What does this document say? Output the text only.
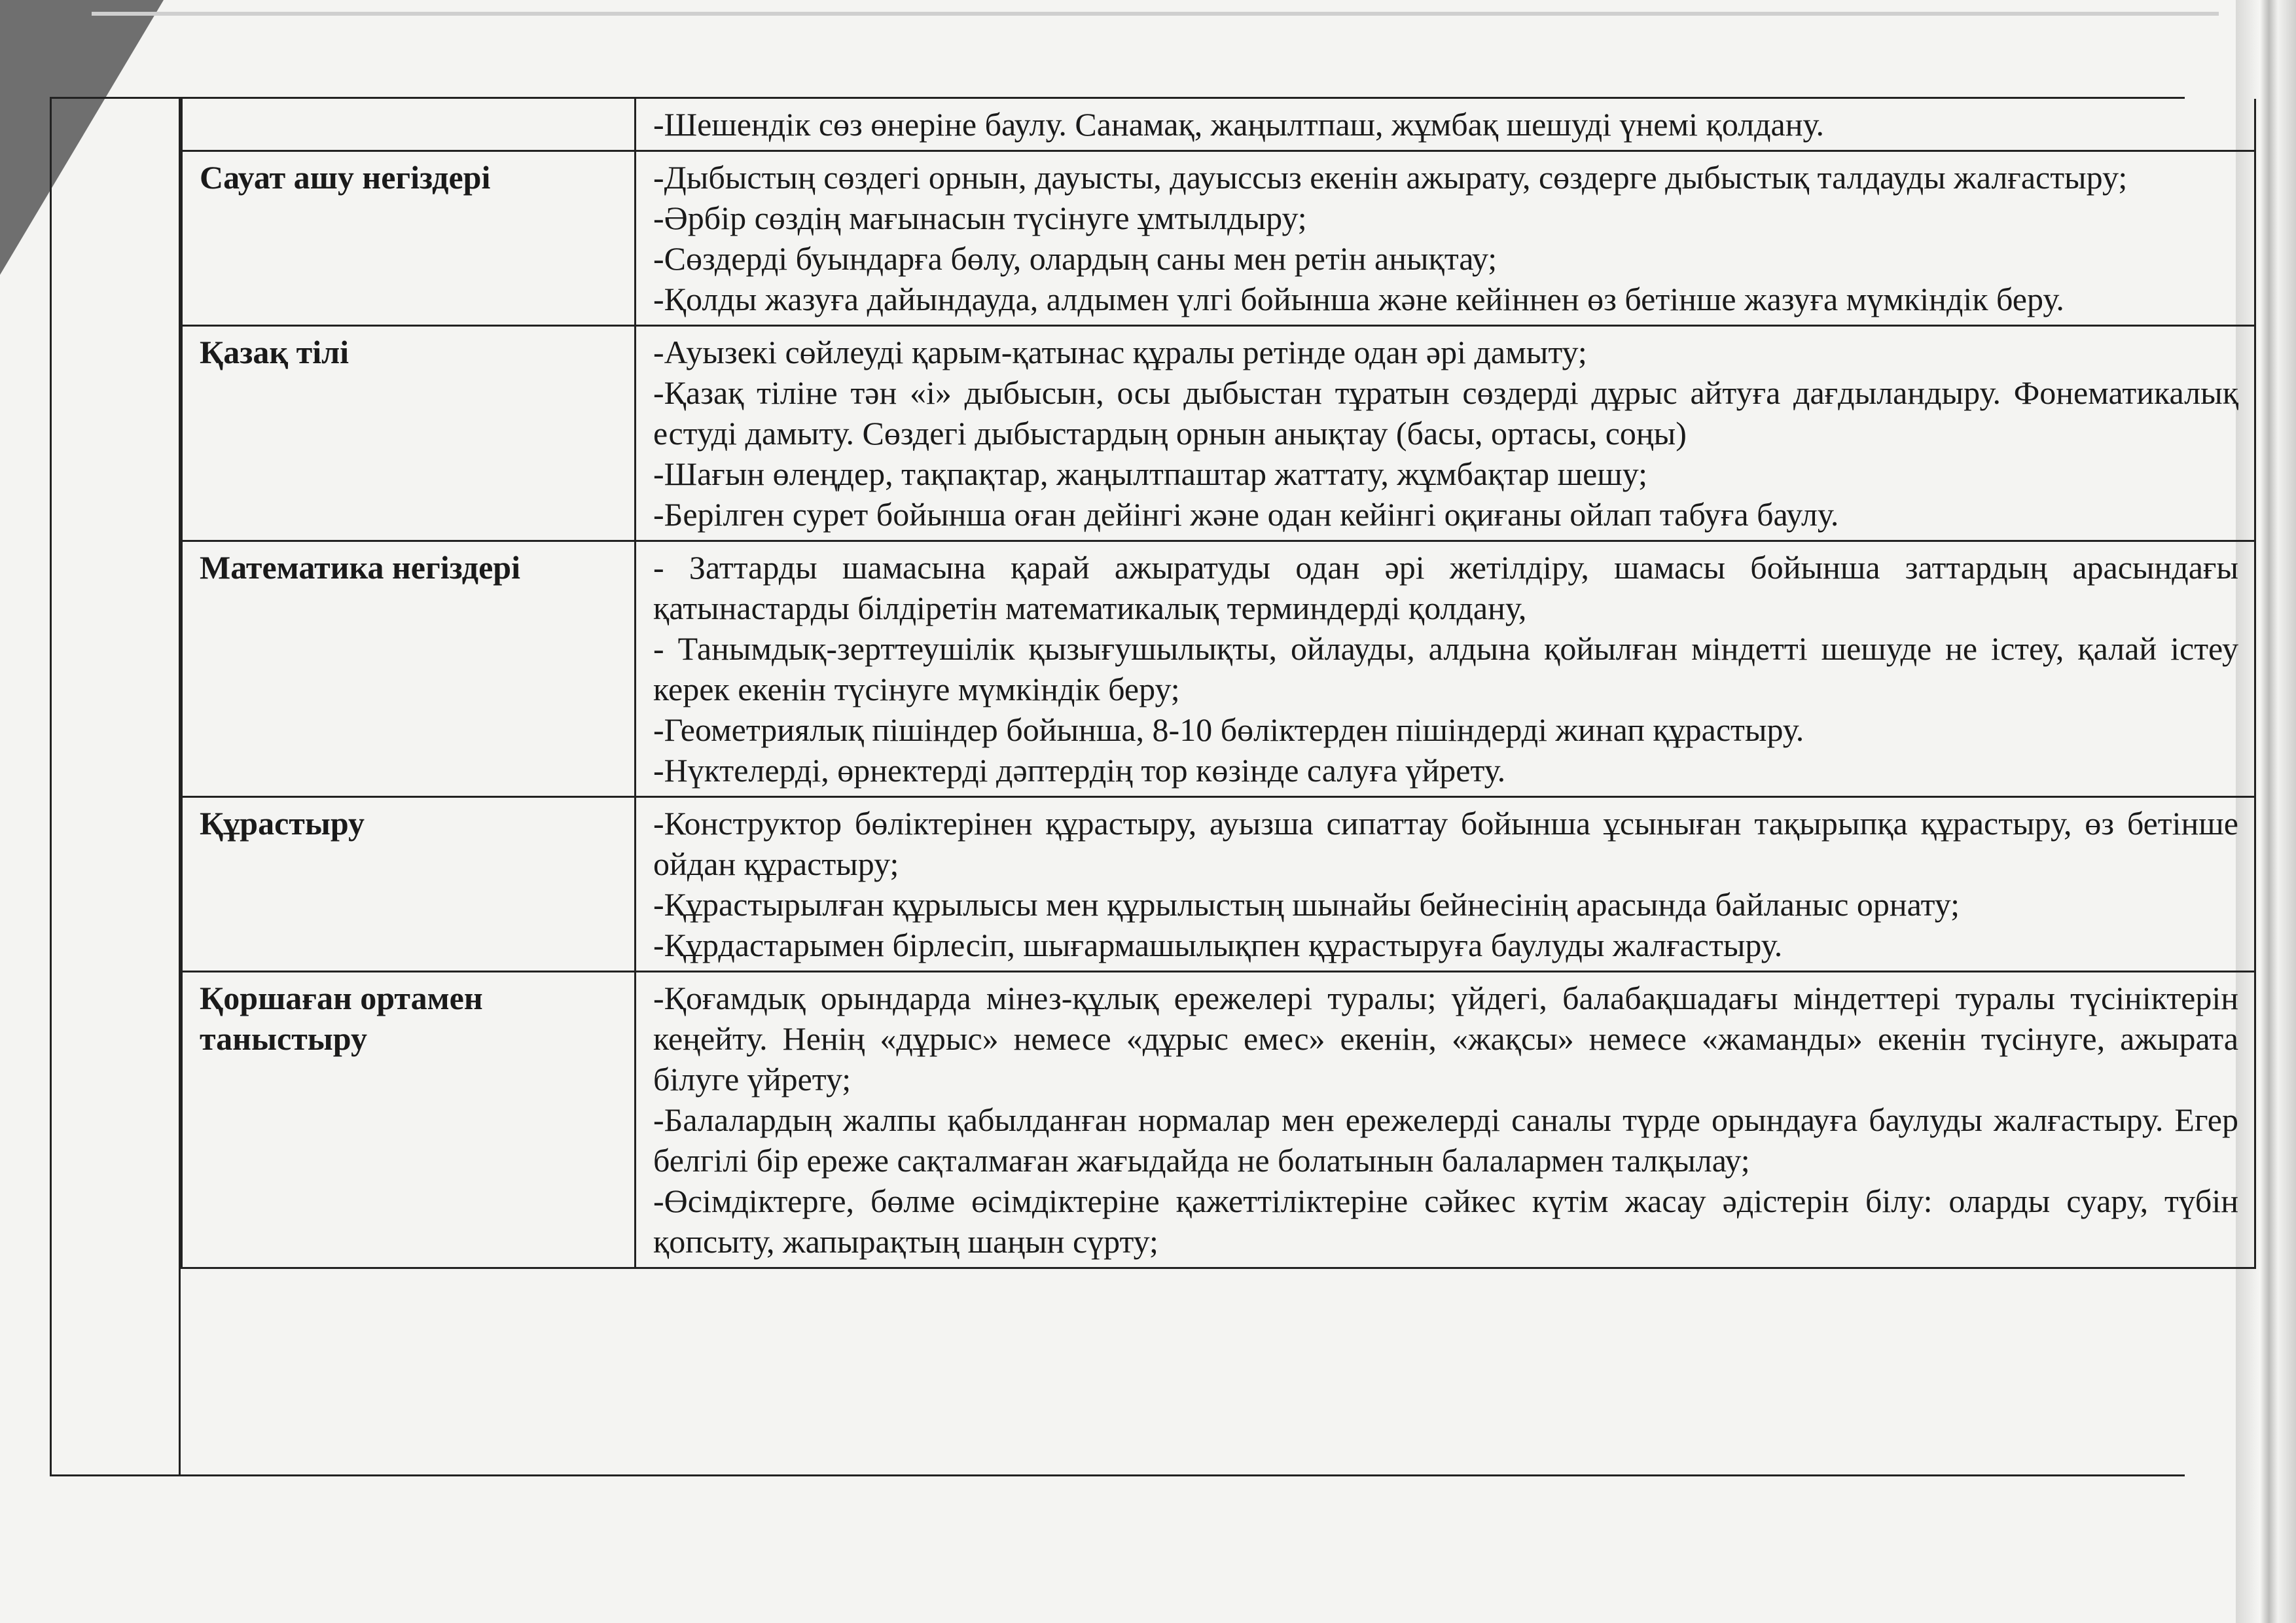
	-Шешендік сөз өнеріне баулу. Санамақ, жаңылтпаш, жұмбақ шешуді үнемі қолдану.

Сауат ашу негіздері	-Дыбыстың сөздегі орнын, дауысты, дауыссыз екенін ажырату, сөздерге дыбыстық талдауды жалғастыру;

-Әрбір сөздің мағынасын түсінуге ұмтылдыру;

-Сөздерді буындарға бөлу, олардың саны мен ретін анықтау;

-Қолды жазуға дайындауда, алдымен үлгі бойынша және кейіннен өз бетінше жазуға мүмкіндік беру.

Қазақ тілі	-Ауызекі сөйлеуді қарым-қатынас құралы ретінде одан әрі дамыту;

-Қазақ тіліне тән «і» дыбысын, осы дыбыстан тұратын сөздерді дұрыс айтуға дағдыландыру. Фонематикалық естуді дамыту. Сөздегі дыбыстардың орнын анықтау (басы, ортасы, соңы)

-Шағын өлеңдер, тақпақтар, жаңылтпаштар жаттату, жұмбақтар шешу;

-Берілген сурет бойынша оған дейінгі және одан кейінгі оқиғаны ойлап табуға баулу.

Математика негіздері	- Заттарды шамасына қарай ажыратуды одан әрі жетілдіру, шамасы бойынша заттардың арасындағы қатынастарды білдіретін математикалық терминдерді қолдану,

- Танымдық-зерттеушілік қызығушылықты, ойлауды, алдына қойылған міндетті шешуде не істеу, қалай істеу керек екенін түсінуге мүмкіндік беру;

-Геометриялық пішіндер бойынша, 8-10 бөліктерден пішіндерді жинап құрастыру.

-Нүктелерді, өрнектерді дәптердің тор көзінде салуға үйрету.

Құрастыру	-Конструктор бөліктерінен құрастыру, ауызша сипаттау бойынша ұсыныған тақырыпқа құрастыру, өз бетінше ойдан құрастыру;

-Құрастырылған құрылысы мен құрылыстың шынайы бейнесінің арасында байланыс орнату;

-Құрдастарымен бірлесіп, шығармашылықпен құрастыруға баулуды жалғастыру.

Қоршаған ортамен таныстыру	-Қоғамдық орындарда мінез-құлық ережелері туралы; үйдегі, балабақшадағы міндеттері туралы түсініктерін кеңейту. Ненің «дұрыс» немесе «дұрыс емес» екенін, «жақсы» немесе «жаманды» екенін түсінуге, ажырата білуге үйрету;

-Балалардың жалпы қабылданған нормалар мен ережелерді саналы түрде орындауға баулуды жалғастыру. Егер белгілі бір ереже сақталмаған жағыдайда не болатынын балалармен талқылау;

-Өсімдіктерге, бөлме өсімдіктеріне қажеттіліктеріне сәйкес күтім жасау әдістерін білу: оларды суару, түбін қопсыту, жапырақтың шаңын сүрту;
